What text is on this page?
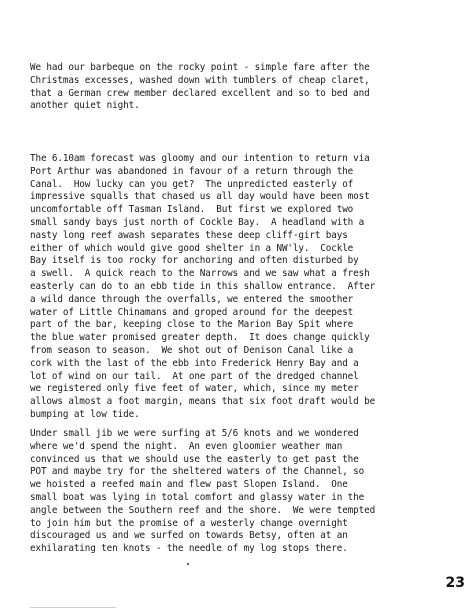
We had our barbeque on the rocky point - simple fare after the
Christmas excesses, washed down with tumblers of cheap claret,
that a German crew member declared excellent and so to bed and
another quiet night.

The 6.10am forecast was gloomy and our intention to return via
Port Arthur was abandoned in favour of a return through the
Canal.  How lucky can you get?  The unpredicted easterly of
impressive squalls that chased us all day would have been most
uncomfortable off Tasman Island.  But first we explored two
small sandy bays just north of Cockle Bay.  A headland with a
nasty long reef awash separates these deep cliff-girt bays
either of which would give good shelter in a NW'ly.  Cockle
Bay itself is too rocky for anchoring and often disturbed by
a swell.  A quick reach to the Narrows and we saw what a fresh
easterly can do to an ebb tide in this shallow entrance.  After
a wild dance through the overfalls, we entered the smoother
water of Little Chinamans and groped around for the deepest
part of the bar, keeping close to the Marion Bay Spit where
the blue water promised greater depth.  It does change quickly
from season to season.  We shot out of Denison Canal like a
cork with the last of the ebb into Frederick Henry Bay and a
lot of wind on our tail.  At one part of the dredged channel
we registered only five feet of water, which, since my meter
allows almost a foot margin, means that six foot draft would be
bumping at low tide.

Under small jib we were surfing at 5/6 knots and we wondered
where we'd spend the night.  An even gloomier weather man
convinced us that we should use the easterly to get past the
POT and maybe try for the sheltered waters of the Channel, so
we hoisted a reefed main and flew past Slopen Island.  One
small boat was lying in total comfort and glassy water in the
angle between the Southern reef and the shore.  We were tempted
to join him but the promise of a westerly change overnight
discouraged us and we surfed on towards Betsy, often at an
exhilarating ten knots - the needle of my log stops there.

23
